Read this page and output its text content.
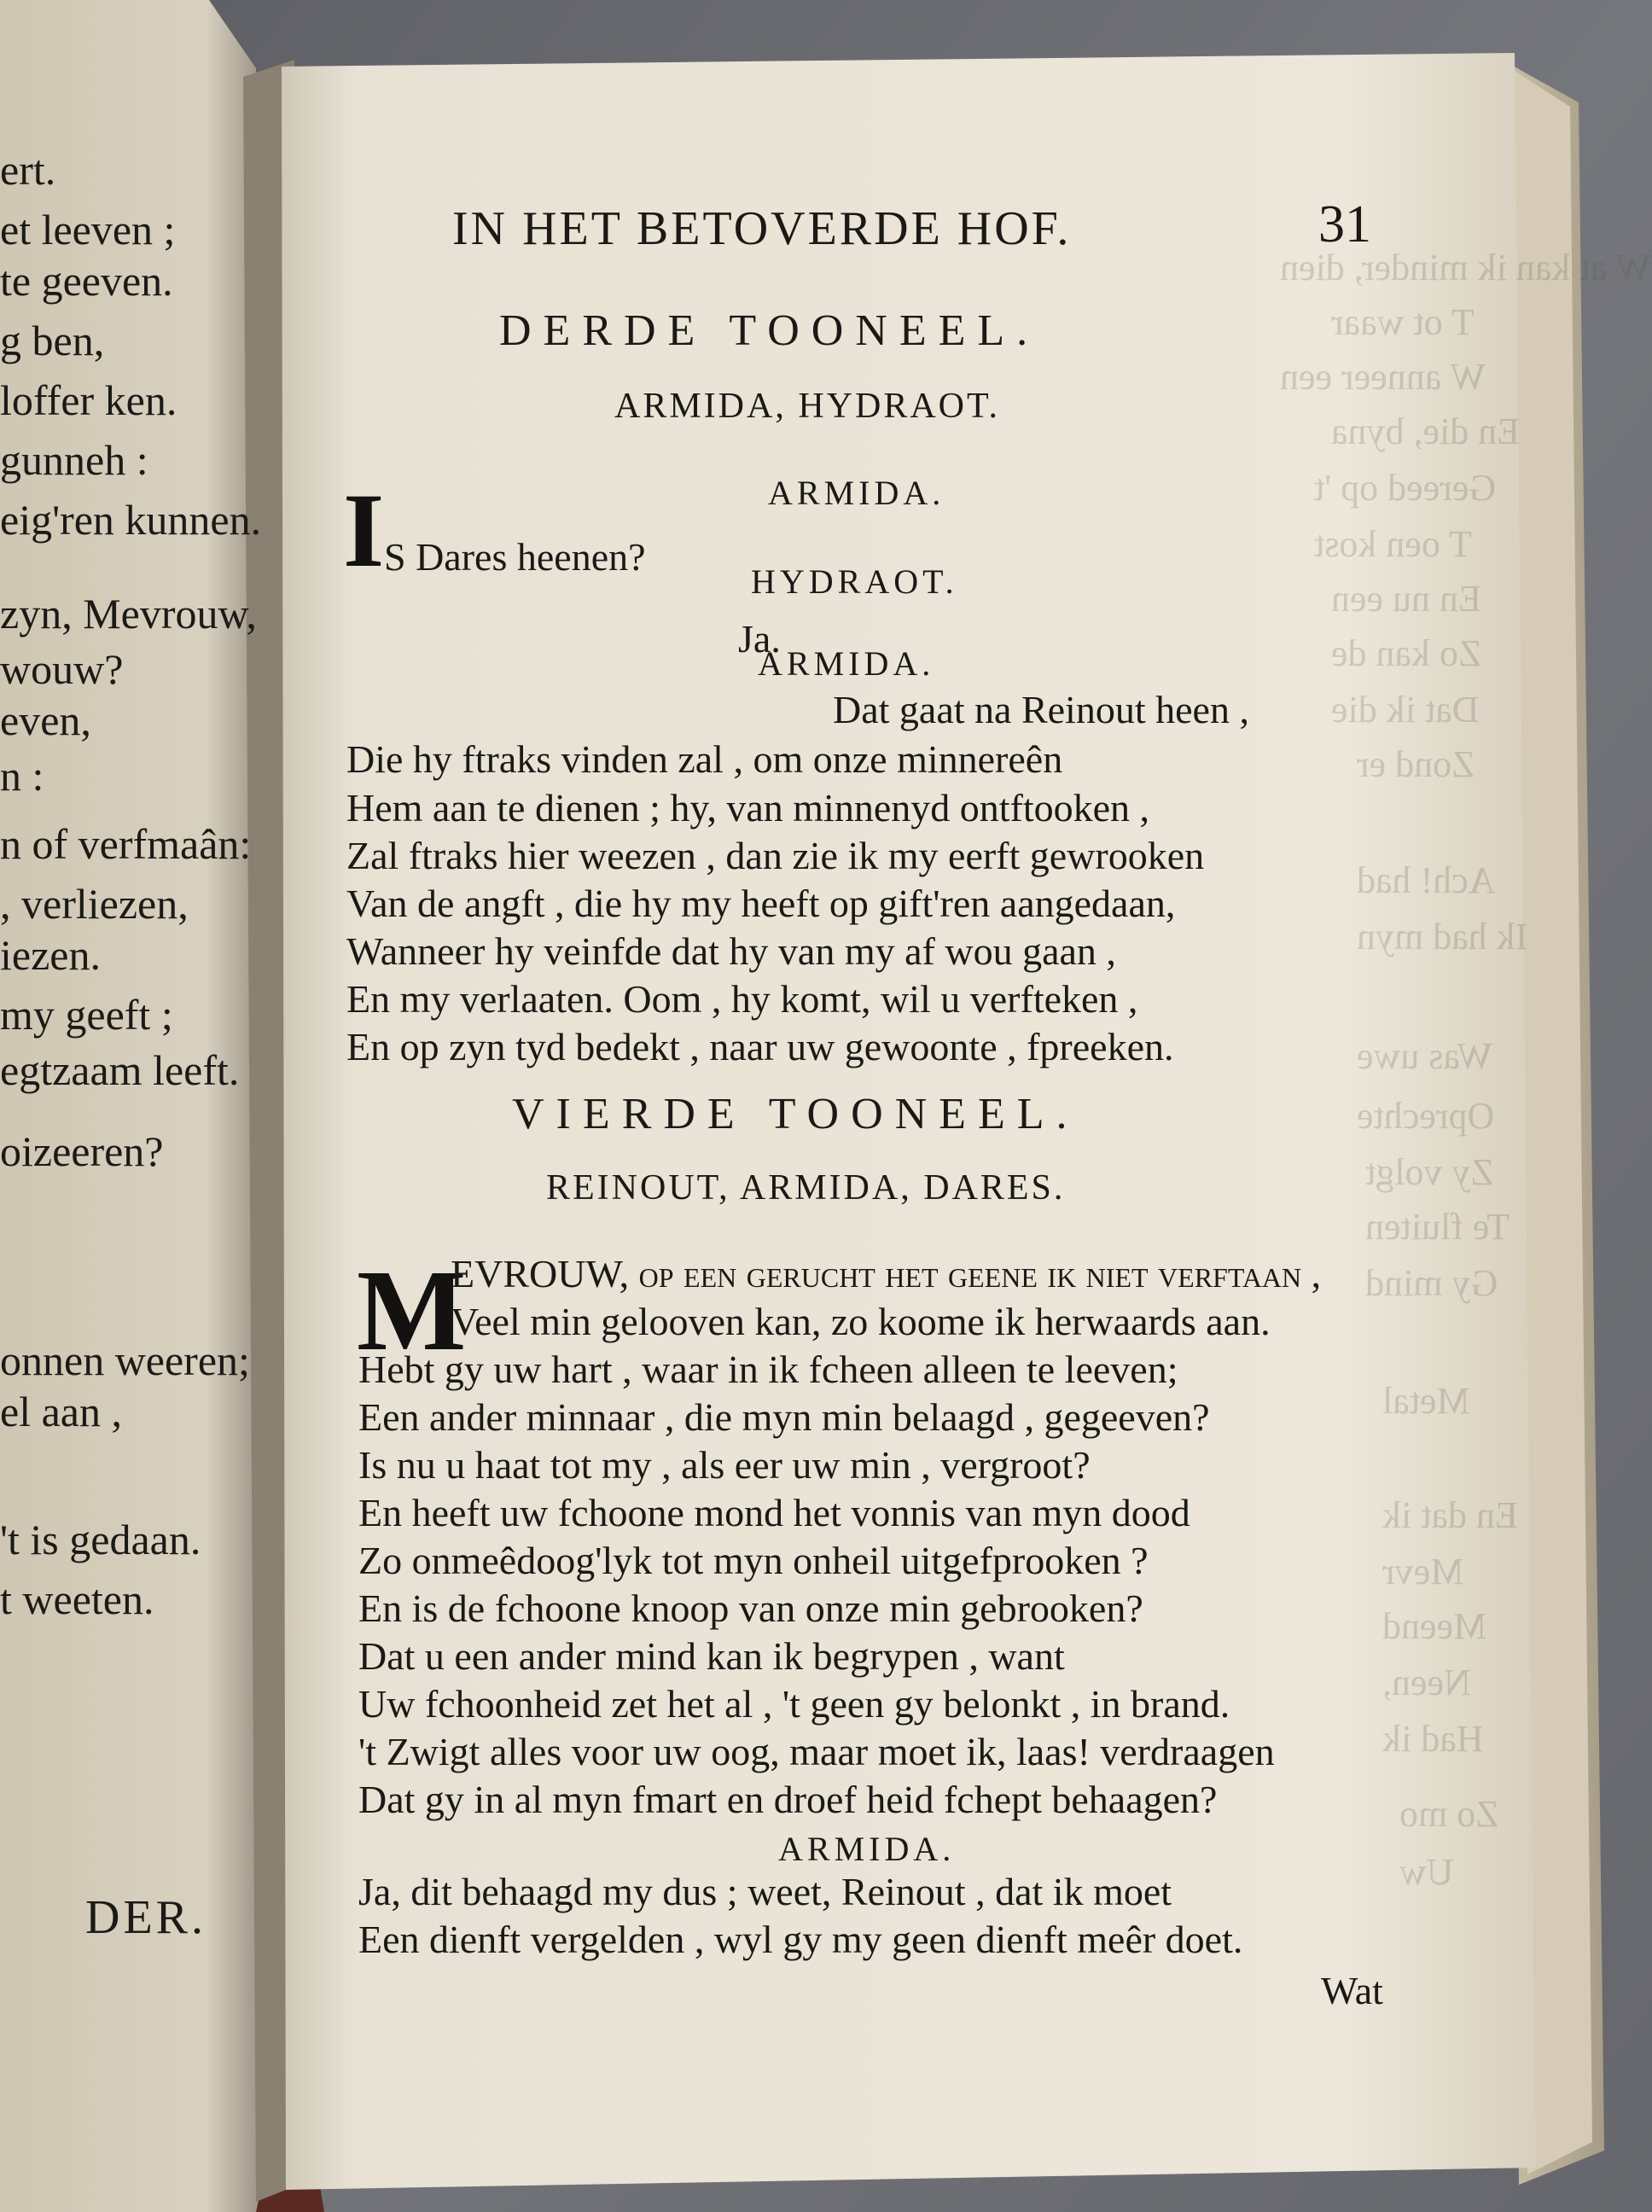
W at kan ik minder, dien
T ot waar
W anneer een
En die, byna
Gereed op 't
T oen kost
En nu een
Zo kan de
Dat ik die
Zond er
Ach! had
Ik had myn
Was uwe
Oprechte
Zy volgt
Te fluiten
Gy mind
Metal
En dat ik
Mevr
Meend
Neen,
Had ik
Zo mo
Uw
ert.
et leeven ;
te geeven.
g ben,
loffer ken.
gunneh :
eig'ren kunnen.
zyn, Mevrouw,
wouw?
even,
n :
n of verfmaân:
, verliezen,
iezen.
my geeft ;
egtzaam leeft.
oizeeren?
onnen weeren;
el aan ,
't is gedaan.
t weeten.
DER.
IN HET BETOVERDE HOF.	31
DERDE TOONEEL.
ARMIDA, HYDRAOT.
ARMIDA.
I S Dares heenen?
HYDRAOT.
Ja.
ARMIDA.
Dat gaat na Reinout heen ,
Die hy ftraks vinden zal , om onze minnereên
Hem aan te dienen ; hy, van minnenyd ontftooken ,
Zal ftraks hier weezen , dan zie ik my eerft gewrooken
Van de angft , die hy my heeft op gift'ren aangedaan,
Wanneer hy veinfde dat hy van my af wou gaan ,
En my verlaaten. Oom , hy komt, wil u verfteken ,
En op zyn tyd bedekt , naar uw gewoonte , fpreeken.
VIERDE TOONEEL.
REINOUT, ARMIDA, DARES.
M
EVROUW, op een gerucht het geene ik niet verftaan ,
Veel min gelooven kan, zo koome ik herwaards aan.
Hebt gy uw hart , waar in ik fcheen alleen te leeven;
Een ander minnaar , die myn min belaagd , gegeeven?
Is nu u haat tot my , als eer uw min , vergroot?
En heeft uw fchoone mond het vonnis van myn dood
Zo onmeêdoog'lyk tot myn onheil uitgefprooken ?
En is de fchoone knoop van onze min gebrooken?
Dat u een ander mind kan ik begrypen , want
Uw fchoonheid zet het al , 't geen gy belonkt , in brand.
't Zwigt alles voor uw oog, maar moet ik, laas! verdraagen
Dat gy in al myn fmart en droef heid fchept behaagen?
ARMIDA.
Ja, dit behaagd my dus ; weet, Reinout , dat ik moet
Een dienft vergelden , wyl gy my geen dienft meêr doet.
Wat
